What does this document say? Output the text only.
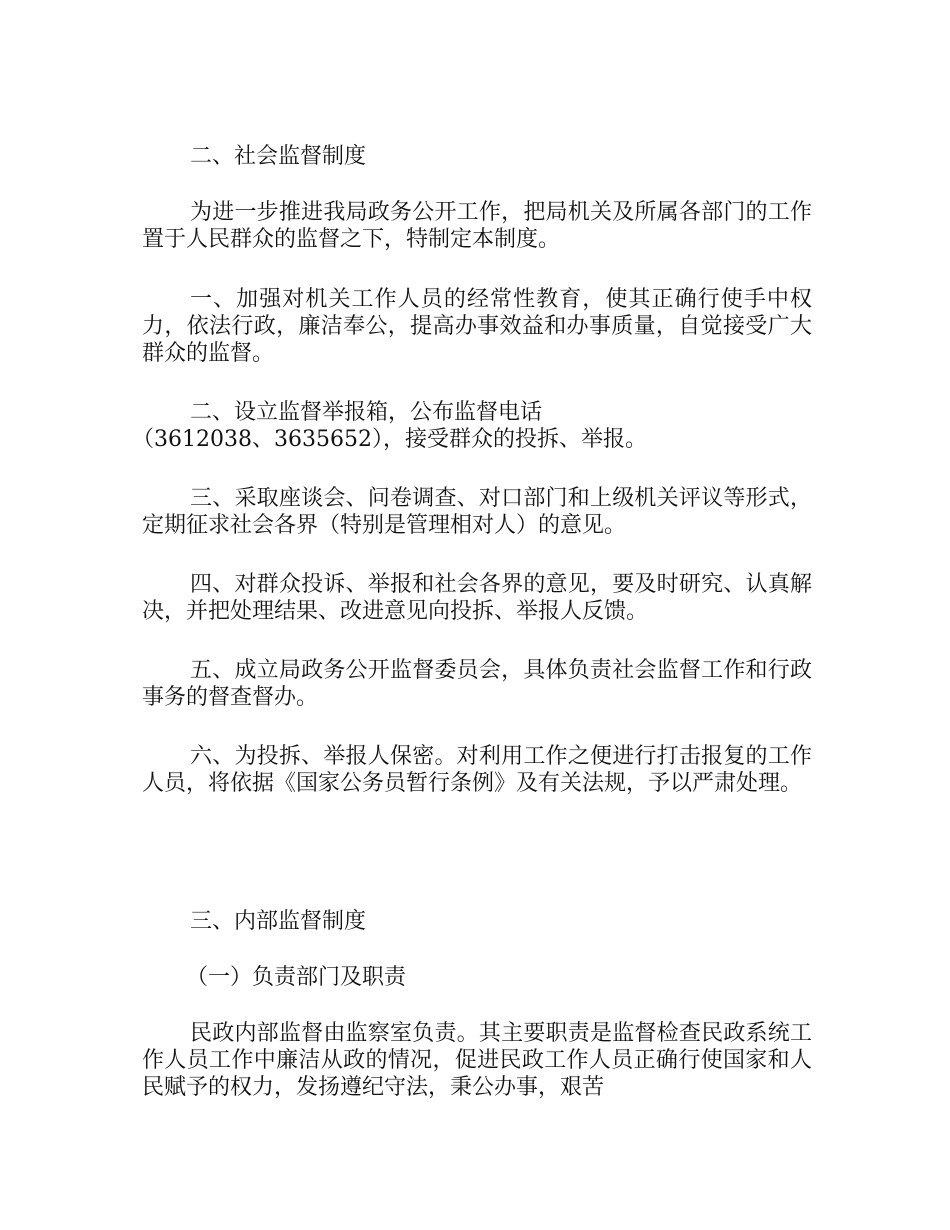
二、社会监督制度

为进一步推进我局政务公开工作，把局机关及所属各部门的工作置于人民群众的监督之下，特制定本制度。

一、加强对机关工作人员的经常性教育，使其正确行使手中权力，依法行政，廉洁奉公，提高办事效益和办事质量，自觉接受广大群众的监督。

二、设立监督举报箱，公布监督电话
（3612038、3635652），接受群众的投拆、举报。

三、采取座谈会、问卷调查、对口部门和上级机关评议等形式，定期征求社会各界（特别是管理相对人）的意见。

四、对群众投诉、举报和社会各界的意见，要及时研究、认真解决，并把处理结果、改进意见向投拆、举报人反馈。

五、成立局政务公开监督委员会，具体负责社会监督工作和行政事务的督查督办。

六、为投拆、举报人保密。对利用工作之便进行打击报复的工作人员，将依据《国家公务员暂行条例》及有关法规，予以严肃处理。

三、内部监督制度

（一）负责部门及职责

民政内部监督由监察室负责。其主要职责是监督检查民政系统工作人员工作中廉洁从政的情况，促进民政工作人员正确行使国家和人民赋予的权力，发扬遵纪守法，秉公办事，艰苦
